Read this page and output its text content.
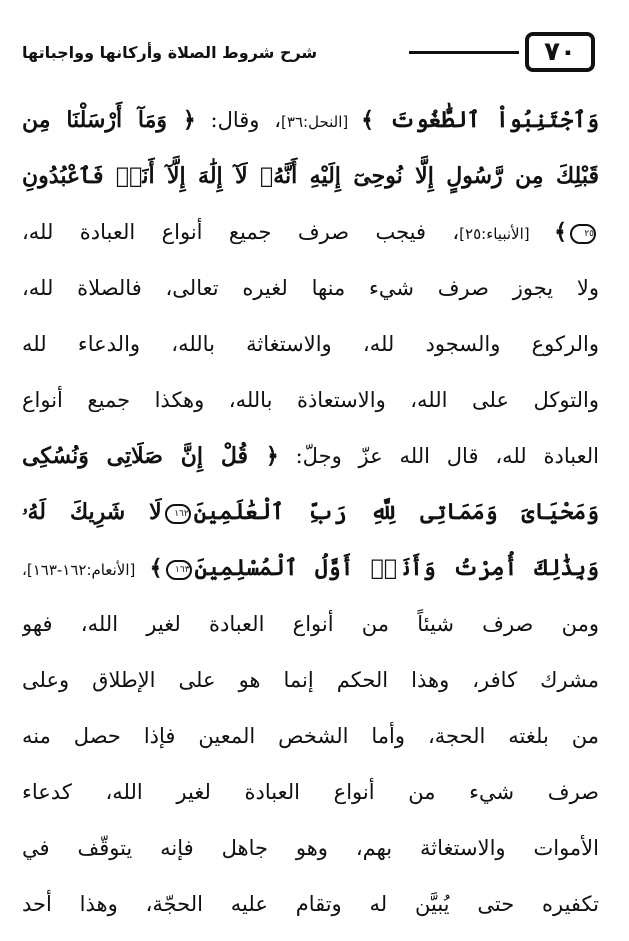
٧٠
شرح شروط الصلاة وأركانها وواجباتها
وَٱجْتَنِبُواْ ٱلطَّٰغُوتَ ﴾ [النحل:٣٦]، وقال: ﴿ وَمَآ أَرْسَلْنَا مِن
قَبْلِكَ مِن رَّسُولٍ إِلَّا نُوحِىٓ إِلَيْهِ أَنَّهُۥ لَآ إِلَٰهَ إِلَّآ أَنَا۠ فَٱعْبُدُونِ
٢٥﴾ [الأنبياء:٢٥]، فيجب صرف جميع أنواع العبادة لله،
ولا يجوز صرف شيء منها لغيره تعالى، فالصلاة لله،
والركوع والسجود لله، والاستغاثة بالله، والدعاء لله
والتوكل على الله، والاستعاذة بالله، وهكذا جميع أنواع
العبادة لله، قال الله عزّ وجلّ: ﴿ قُلْ إِنَّ صَلَاتِى وَنُسُكِى
وَمَحْيَاىَ وَمَمَاتِى لِلَّهِ رَبِّ ٱلْعَٰلَمِينَ١٦٢لَا شَرِيكَ لَهُۥ
وَبِذَٰلِكَ أُمِرْتُ وَأَنَا۠ أَوَّلُ ٱلْمُسْلِمِينَ١٦٣﴾ [الأنعام:١٦٢-١٦٣]،
ومن صرف شيئاً من أنواع العبادة لغير الله، فهو
مشرك كافر، وهذا الحكم إنما هو على الإطلاق وعلى
من بلغته الحجة، وأما الشخص المعين فإذا حصل منه
صرف شيء من أنواع العبادة لغير الله، كدعاء
الأموات والاستغاثة بهم، وهو جاهل فإنه يتوقّف في
تكفيره حتى يُبيَّن له وتقام عليه الحجّة، وهذا أحد
